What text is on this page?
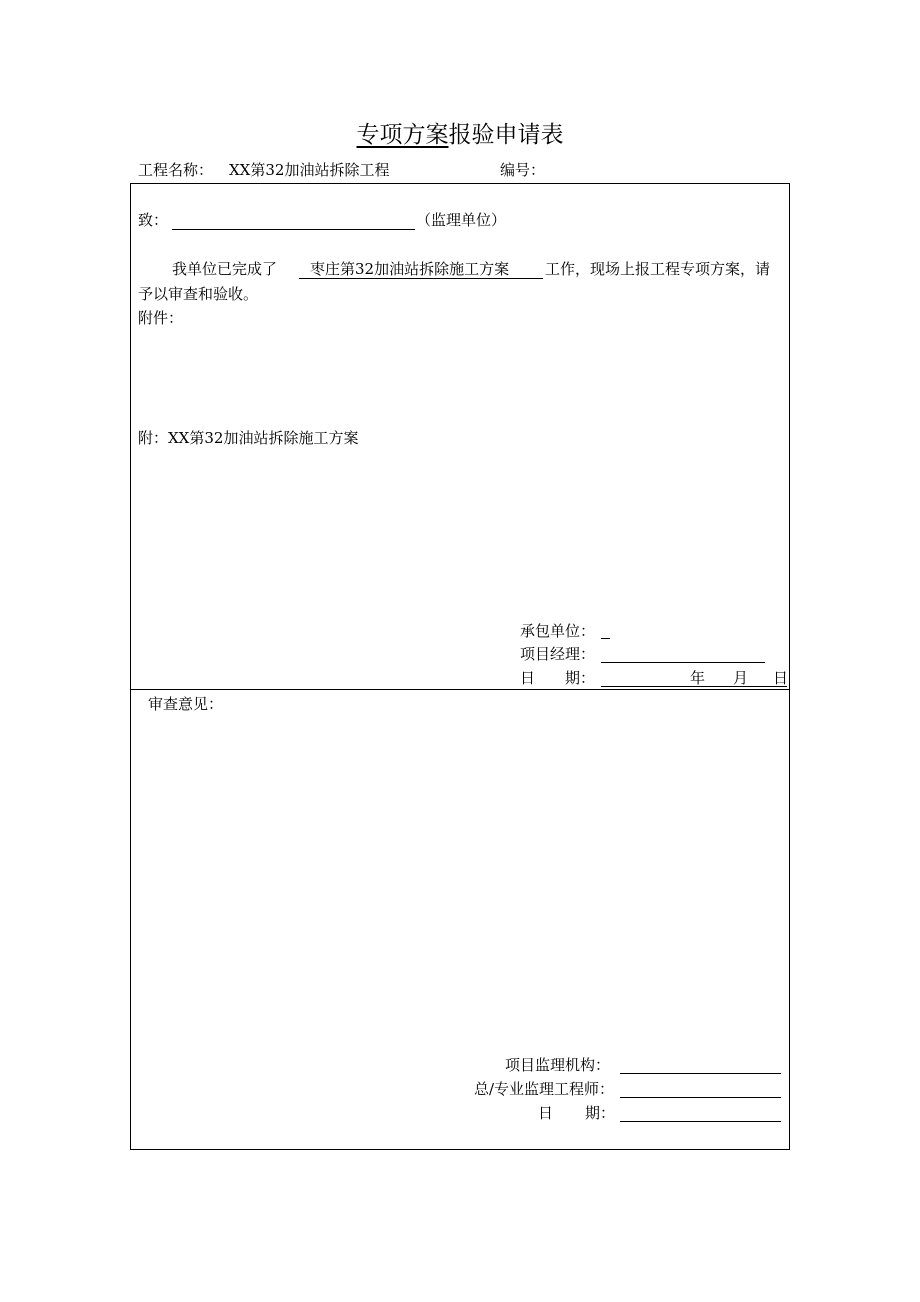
专项方案报验申请表
工程名称： XX第32加油站拆除工程	编号：
致：	（监理单位）
我单位已完成了 枣庄第32加油站拆除施工方案 工作，现场上报工程专项方案，请
予以审查和验收。
附件：
附：XX第32加油站拆除施工方案
承包单位：
项目经理：
日 期：	年 月 日
审查意见：
项目监理机构：
总/专业监理工程师：
日 期：
